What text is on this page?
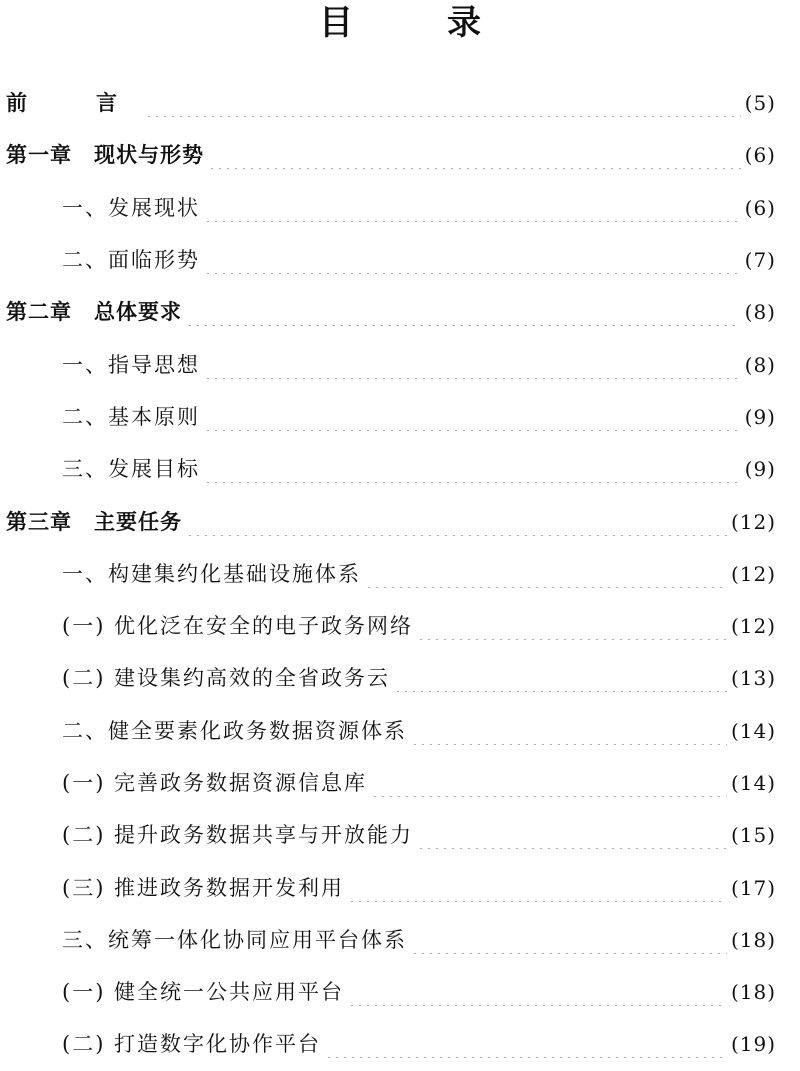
目　录
前　言	(5)
第一章 现状与形势	(6)
一、发展现状	(6)
二、面临形势	(7)
第二章 总体要求	(8)
一、指导思想	(8)
二、基本原则	(9)
三、发展目标	(9)
第三章 主要任务	(12)
一、构建集约化基础设施体系	(12)
(一) 优化泛在安全的电子政务网络	(12)
(二) 建设集约高效的全省政务云	(13)
二、健全要素化政务数据资源体系	(14)
(一) 完善政务数据资源信息库	(14)
(二) 提升政务数据共享与开放能力	(15)
(三) 推进政务数据开发利用	(17)
三、统筹一体化协同应用平台体系	(18)
(一) 健全统一公共应用平台	(18)
(二) 打造数字化协作平台	(19)
